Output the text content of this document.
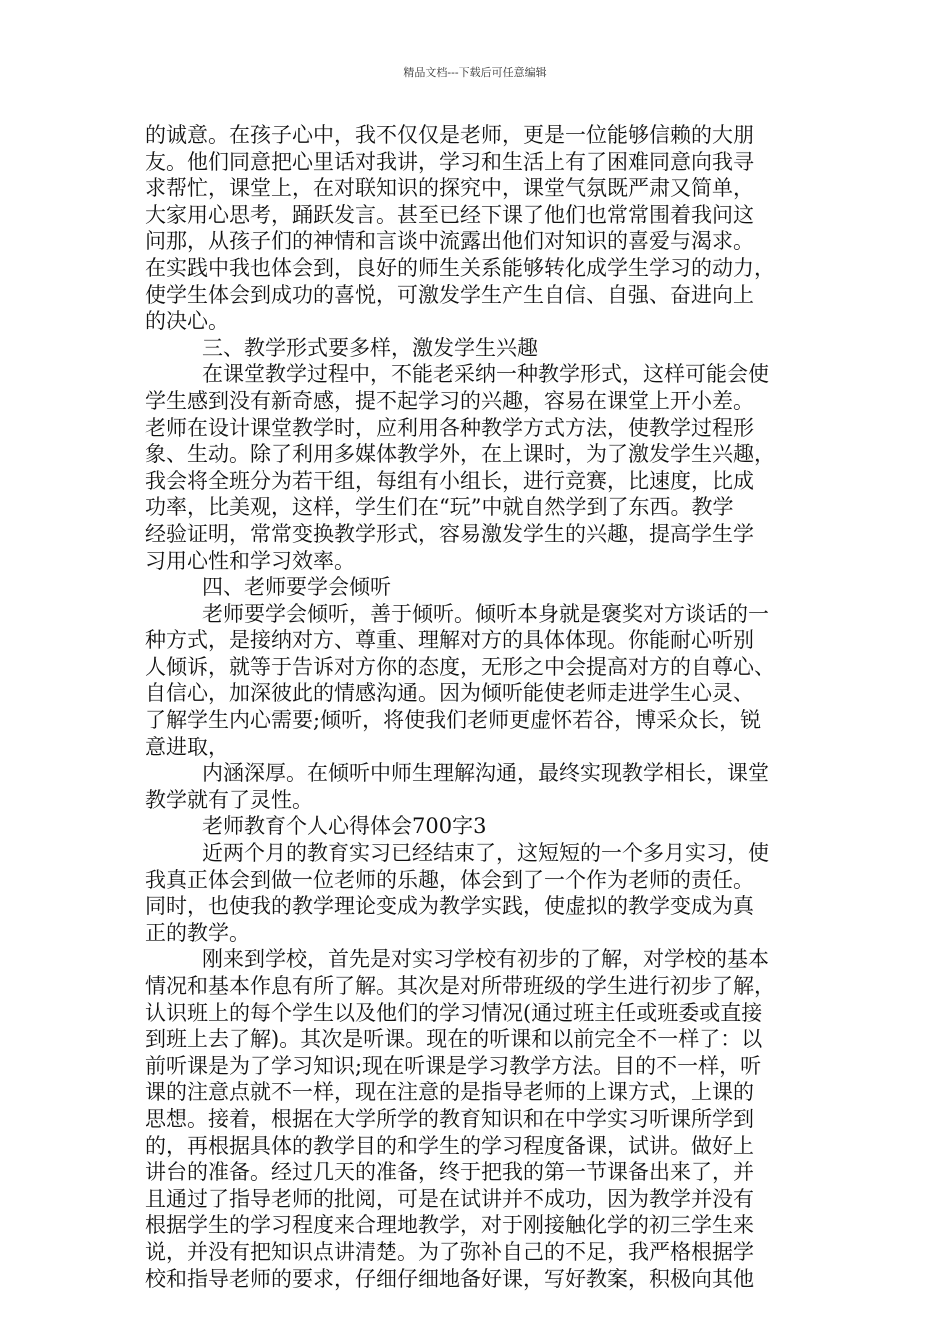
精品文档---下载后可任意编辑
的诚意。在孩子心中，我不仅仅是老师，更是一位能够信赖的大朋
友。他们同意把心里话对我讲，学习和生活上有了困难同意向我寻
求帮忙，课堂上，在对联知识的探究中，课堂气氛既严肃又简单，
大家用心思考，踊跃发言。甚至已经下课了他们也常常围着我问这
问那，从孩子们的神情和言谈中流露出他们对知识的喜爱与渴求。
在实践中我也体会到，良好的师生关系能够转化成学生学习的动力，
使学生体会到成功的喜悦，可激发学生产生自信、自强、奋进向上
的决心。
三、教学形式要多样，激发学生兴趣
在课堂教学过程中，不能老采纳一种教学形式，这样可能会使
学生感到没有新奇感，提不起学习的兴趣，容易在课堂上开小差。
老师在设计课堂教学时，应利用各种教学方式方法，使教学过程形
象、生动。除了利用多媒体教学外，在上课时，为了激发学生兴趣，
我会将全班分为若干组，每组有小组长，进行竞赛，比速度，比成
功率，比美观，这样，学生们在“玩”中就自然学到了东西。教学
经验证明，常常变换教学形式，容易激发学生的兴趣，提高学生学
习用心性和学习效率。
四、老师要学会倾听
老师要学会倾听，善于倾听。倾听本身就是褒奖对方谈话的一
种方式，是接纳对方、尊重、理解对方的具体体现。你能耐心听别
人倾诉，就等于告诉对方你的态度，无形之中会提高对方的自尊心、
自信心，加深彼此的情感沟通。因为倾听能使老师走进学生心灵、
了解学生内心需要;倾听，将使我们老师更虚怀若谷，博采众长，锐
意进取，
内涵深厚。在倾听中师生理解沟通，最终实现教学相长，课堂
教学就有了灵性。
老师教育个人心得体会700字3
近两个月的教育实习已经结束了，这短短的一个多月实习，使
我真正体会到做一位老师的乐趣，体会到了一个作为老师的责任。
同时，也使我的教学理论变成为教学实践，使虚拟的教学变成为真
正的教学。
刚来到学校，首先是对实习学校有初步的了解，对学校的基本
情况和基本作息有所了解。其次是对所带班级的学生进行初步了解，
认识班上的每个学生以及他们的学习情况(通过班主任或班委或直接
到班上去了解)。其次是听课。现在的听课和以前完全不一样了：以
前听课是为了学习知识;现在听课是学习教学方法。目的不一样，听
课的注意点就不一样，现在注意的是指导老师的上课方式，上课的
思想。接着，根据在大学所学的教育知识和在中学实习听课所学到
的，再根据具体的教学目的和学生的学习程度备课，试讲。做好上
讲台的准备。经过几天的准备，终于把我的第一节课备出来了，并
且通过了指导老师的批阅，可是在试讲并不成功，因为教学并没有
根据学生的学习程度来合理地教学，对于刚接触化学的初三学生来
说，并没有把知识点讲清楚。为了弥补自己的不足，我严格根据学
校和指导老师的要求，仔细仔细地备好课，写好教案，积极向其他
